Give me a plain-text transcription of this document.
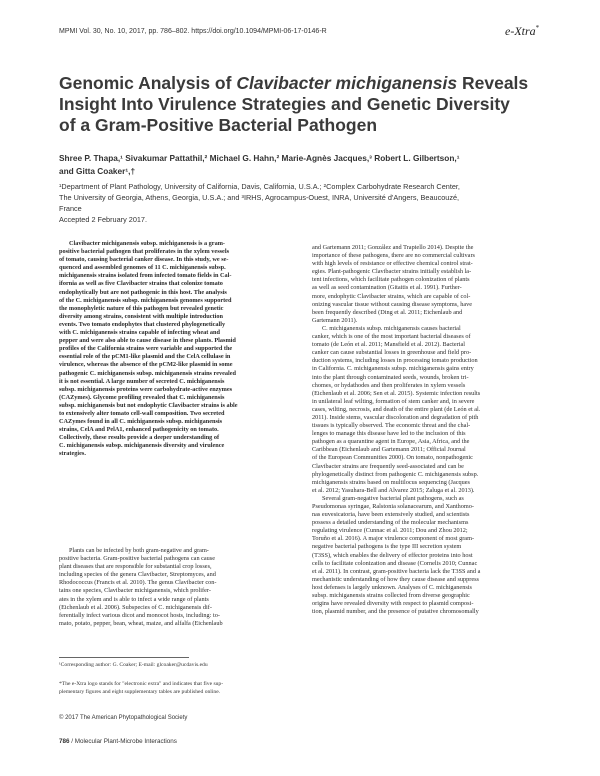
MPMI Vol. 30, No. 10, 2017, pp. 786–802. https://doi.org/10.1094/MPMI-06-17-0146-R	e-Xtra*
Genomic Analysis of Clavibacter michiganensis Reveals
Insight Into Virulence Strategies and Genetic Diversity
of a Gram-Positive Bacterial Pathogen
Shree P. Thapa,¹ Sivakumar Pattathil,² Michael G. Hahn,² Marie-Agnès Jacques,³ Robert L. Gilbertson,¹
and Gitta Coaker¹,†
¹Department of Plant Pathology, University of California, Davis, California, U.S.A.; ²Complex Carbohydrate Research Center,
The University of Georgia, Athens, Georgia, U.S.A.; and ³IRHS, Agrocampus-Ouest, INRA, Université d'Angers, Beaucouzé,
France
Accepted 2 February 2017.
Clavibacter michiganensis subsp. michiganensis is a gram-
positive bacterial pathogen that proliferates in the xylem vessels
of tomato, causing bacterial canker disease. In this study, we se-
quenced and assembled genomes of 11 C. michiganensis subsp.
michiganensis strains isolated from infected tomato fields in Cal-
ifornia as well as five Clavibacter strains that colonize tomato
endophytically but are not pathogenic in this host. The analysis
of the C. michiganensis subsp. michiganensis genomes supported
the monophyletic nature of this pathogen but revealed genetic
diversity among strains, consistent with multiple introduction
events. Two tomato endophytes that clustered phylogenetically
with C. michiganensis strains capable of infecting wheat and
pepper and were also able to cause disease in these plants. Plasmid
profiles of the California strains were variable and supported the
essential role of the pCM1-like plasmid and the CelA cellulase in
virulence, whereas the absence of the pCM2-like plasmid in some
pathogenic C. michiganensis subsp. michiganensis strains revealed
it is not essential. A large number of secreted C. michiganensis
subsp. michiganensis proteins were carbohydrate-active enzymes
(CAZymes). Glycome profiling revealed that C. michiganensis
subsp. michiganensis but not endophytic Clavibacter strains is able
to extensively alter tomato cell-wall composition. Two secreted
CAZymes found in all C. michiganensis subsp. michiganensis
strains, CelA and PelA1, enhanced pathogenicity on tomato.
Collectively, these results provide a deeper understanding of
C. michiganensis subsp. michiganensis diversity and virulence
strategies.
Plants can be infected by both gram-negative and gram-
positive bacteria. Gram-positive bacterial pathogens can cause
plant diseases that are responsible for substantial crop losses,
including species of the genera Clavibacter, Streptomyces, and
Rhodococcus (Francis et al. 2010). The genus Clavibacter con-
tains one species, Clavibacter michiganensis, which prolifer-
ates in the xylem and is able to infect a wide range of plants
(Eichenlaub et al. 2006). Subspecies of C. michiganensis dif-
ferentially infect various dicot and monocot hosts, including: to-
mato, potato, pepper, bean, wheat, maize, and alfalfa (Eichenlaub
¹Corresponding author: G. Coaker; E-mail: glcoaker@ucdavis.edu
*The e-Xtra logo stands for "electronic extra" and indicates that five sup-
plementary figures and eight supplementary tables are published online.
© 2017 The American Phytopathological Society
and Gartemann 2011; González and Trapiello 2014). Despite the
importance of these pathogens, there are no commercial cultivars
with high levels of resistance or effective chemical control strat-
egies. Plant-pathogenic Clavibacter strains initially establish la-
tent infections, which facilitate pathogen colonization of plants
as well as seed contamination (Gitaitis et al. 1991). Further-
more, endophytic Clavibacter strains, which are capable of col-
onizing vascular tissue without causing disease symptoms, have
been frequently described (Ding et al. 2011; Eichenlaub and
Gartemann 2011).
C. michiganensis subsp. michiganensis causes bacterial
canker, which is one of the most important bacterial diseases of
tomato (de León et al. 2011; Mansfield et al. 2012). Bacterial
canker can cause substantial losses in greenhouse and field pro-
duction systems, including losses in processing tomato production
in California. C. michiganensis subsp. michiganensis gains entry
into the plant through contaminated seeds, wounds, broken tri-
chomes, or hydathodes and then proliferates in xylem vessels
(Eichenlaub et al. 2006; Sen et al. 2015). Systemic infection results
in unilateral leaf wilting, formation of stem canker and, in severe
cases, wilting, necrosis, and death of the entire plant (de León et al.
2011). Inside stems, vascular discoloration and degradation of pith
tissues is typically observed. The economic threat and the chal-
lenges to manage this disease have led to the inclusion of this
pathogen as a quarantine agent in Europe, Asia, Africa, and the
Caribbean (Eichenlaub and Gartemann 2011; Official Journal
of the European Communities 2000). On tomato, nonpathogenic
Clavibacter strains are frequently seed-associated and can be
phylogenetically distinct from pathogenic C. michiganensis subsp.
michiganensis strains based on multilocus sequencing (Jacques
et al. 2012; Yasuhara-Bell and Alvarez 2015; Zaluga et al. 2013).
Several gram-negative bacterial plant pathogens, such as
Pseudomonas syringae, Ralstonia solanacearum, and Xanthomo-
nas euvesicatoria, have been extensively studied, and scientists
possess a detailed understanding of the molecular mechanisms
regulating virulence (Cunnac et al. 2011; Dou and Zhou 2012;
Toruño et al. 2016). A major virulence component of most gram-
negative bacterial pathogens is the type III secretion system
(T3SS), which enables the delivery of effector proteins into host
cells to facilitate colonization and disease (Cornelis 2010; Cunnac
et al. 2011). In contrast, gram-positive bacteria lack the T3SS and a
mechanistic understanding of how they cause disease and suppress
host defenses is largely unknown. Analyses of C. michiganensis
subsp. michiganensis strains collected from diverse geographic
origins have revealed diversity with respect to plasmid composi-
tion, plasmid number, and the presence of putative chromosomally
786 / Molecular Plant-Microbe Interactions
